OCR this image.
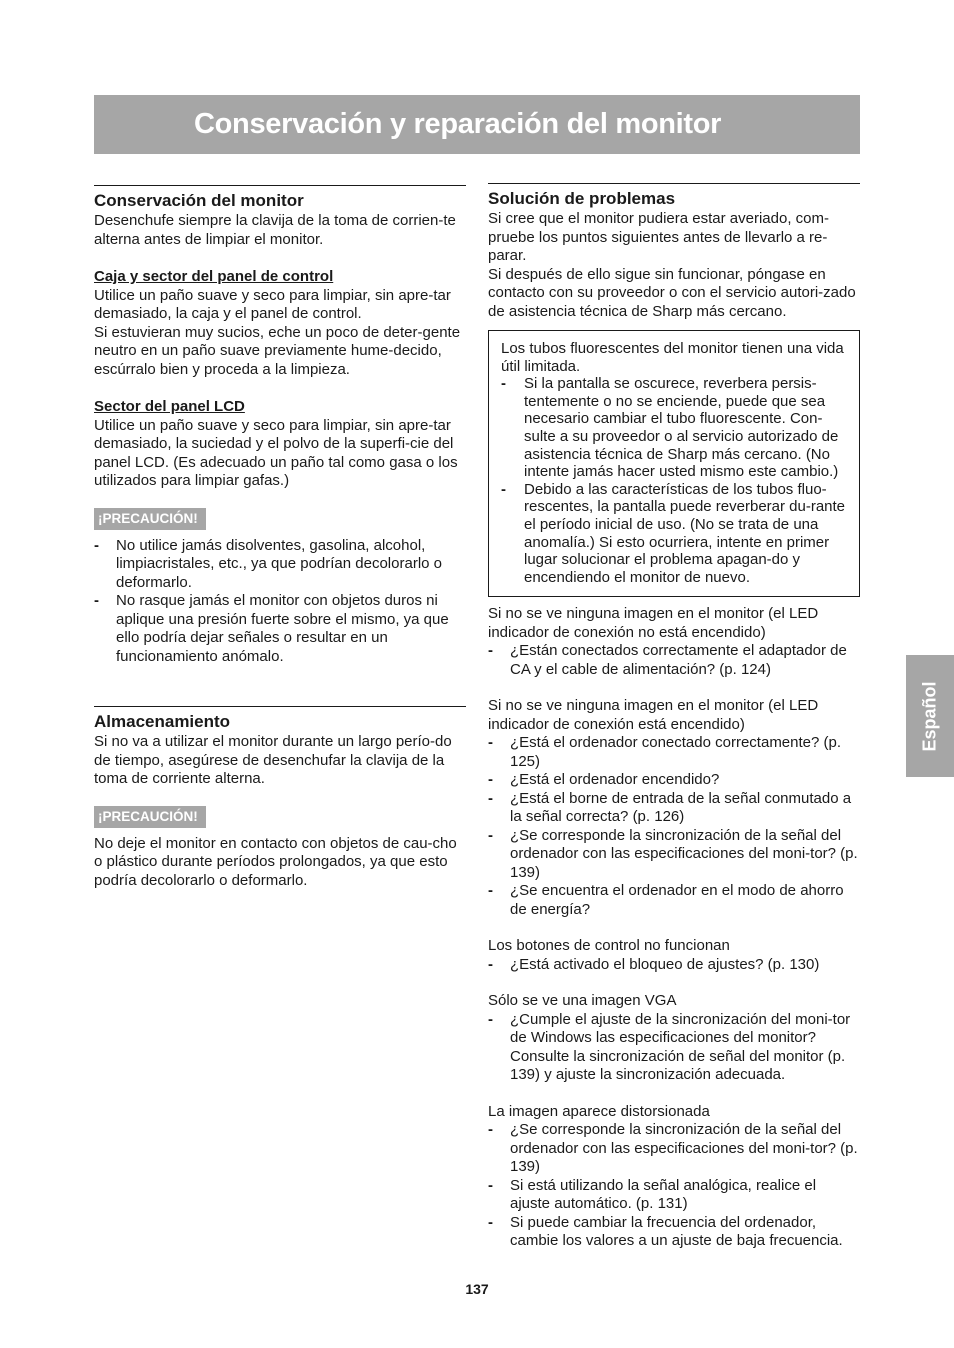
Conservación y reparación del monitor
Conservación del monitor

Desenchufe siempre la clavija de la toma de corrien-te alterna antes de limpiar el monitor.

Caja y sector del panel de control

Utilice un paño suave y seco para limpiar, sin apre-tar demasiado, la caja y el panel de control.

Si estuvieran muy sucios, eche un poco de deter-gente neutro en un paño suave previamente hume-decido, escúrralo bien y proceda a la limpieza.

Sector del panel LCD

Utilice un paño suave y seco para limpiar, sin apre-tar demasiado, la suciedad y el polvo de la superfi-cie del panel LCD. (Es adecuado un paño tal como gasa o los utilizados para limpiar gafas.)

¡PRECAUCIÓN!
- No utilice jamás disolventes, gasolina, alcohol, limpiacristales, etc., ya que podrían decolorarlo o deformarlo.
- No rasque jamás el monitor con objetos duros ni aplique una presión fuerte sobre el mismo, ya que ello podría dejar señales o resultar en un funcionamiento anómalo.
Almacenamiento

Si no va a utilizar el monitor durante un largo perío-do de tiempo, asegúrese de desenchufar la clavija de la toma de corriente alterna.

¡PRECAUCIÓN!

No deje el monitor en contacto con objetos de cau-cho o plástico durante períodos prolongados, ya que esto podría decolorarlo o deformarlo.

Solución de problemas

Si cree que el monitor pudiera estar averiado, com-pruebe los puntos siguientes antes de llevarlo a re-parar.

Si después de ello sigue sin funcionar, póngase en contacto con su proveedor o con el servicio autori-zado de asistencia técnica de Sharp más cercano.

Los tubos fluorescentes del monitor tienen una vida útil limitada.

- Si la pantalla se oscurece, reverbera persis-tentemente o no se enciende, puede que sea necesario cambiar el tubo fluorescente. Con-sulte a su proveedor o al servicio autorizado de asistencia técnica de Sharp más cercano. (No intente jamás hacer usted mismo este cambio.)
- Debido a las características de los tubos fluo-rescentes, la pantalla puede reverberar du-rante el período inicial de uso. (No se trata de una anomalía.) Si esto ocurriera, intente en primer lugar solucionar el problema apagan-do y encendiendo el monitor de nuevo.

Si no se ve ninguna imagen en el monitor (el LED indicador de conexión no está encendido)

- ¿Están conectados correctamente el adaptador de CA y el cable de alimentación? (p. 124)

Si no se ve ninguna imagen en el monitor (el LED indicador de conexión está encendido)

- ¿Está el ordenador conectado correctamente? (p. 125)
- ¿Está el ordenador encendido?
- ¿Está el borne de entrada de la señal conmutado a la señal correcta? (p. 126)
- ¿Se corresponde la sincronización de la señal del ordenador con las especificaciones del moni-tor? (p. 139)
- ¿Se encuentra el ordenador en el modo de ahorro de energía?

Los botones de control no funcionan

- ¿Está activado el bloqueo de ajustes? (p. 130)

Sólo se ve una imagen VGA

- ¿Cumple el ajuste de la sincronización del moni-tor de Windows las especificaciones del monitor? Consulte la sincronización de señal del monitor (p. 139) y ajuste la sincronización adecuada.

La imagen aparece distorsionada

- ¿Se corresponde la sincronización de la señal del ordenador con las especificaciones del moni-tor? (p. 139)
- Si está utilizando la señal analógica, realice el ajuste automático. (p. 131)
- Si puede cambiar la frecuencia del ordenador, cambie los valores a un ajuste de baja frecuencia.
Español
137
